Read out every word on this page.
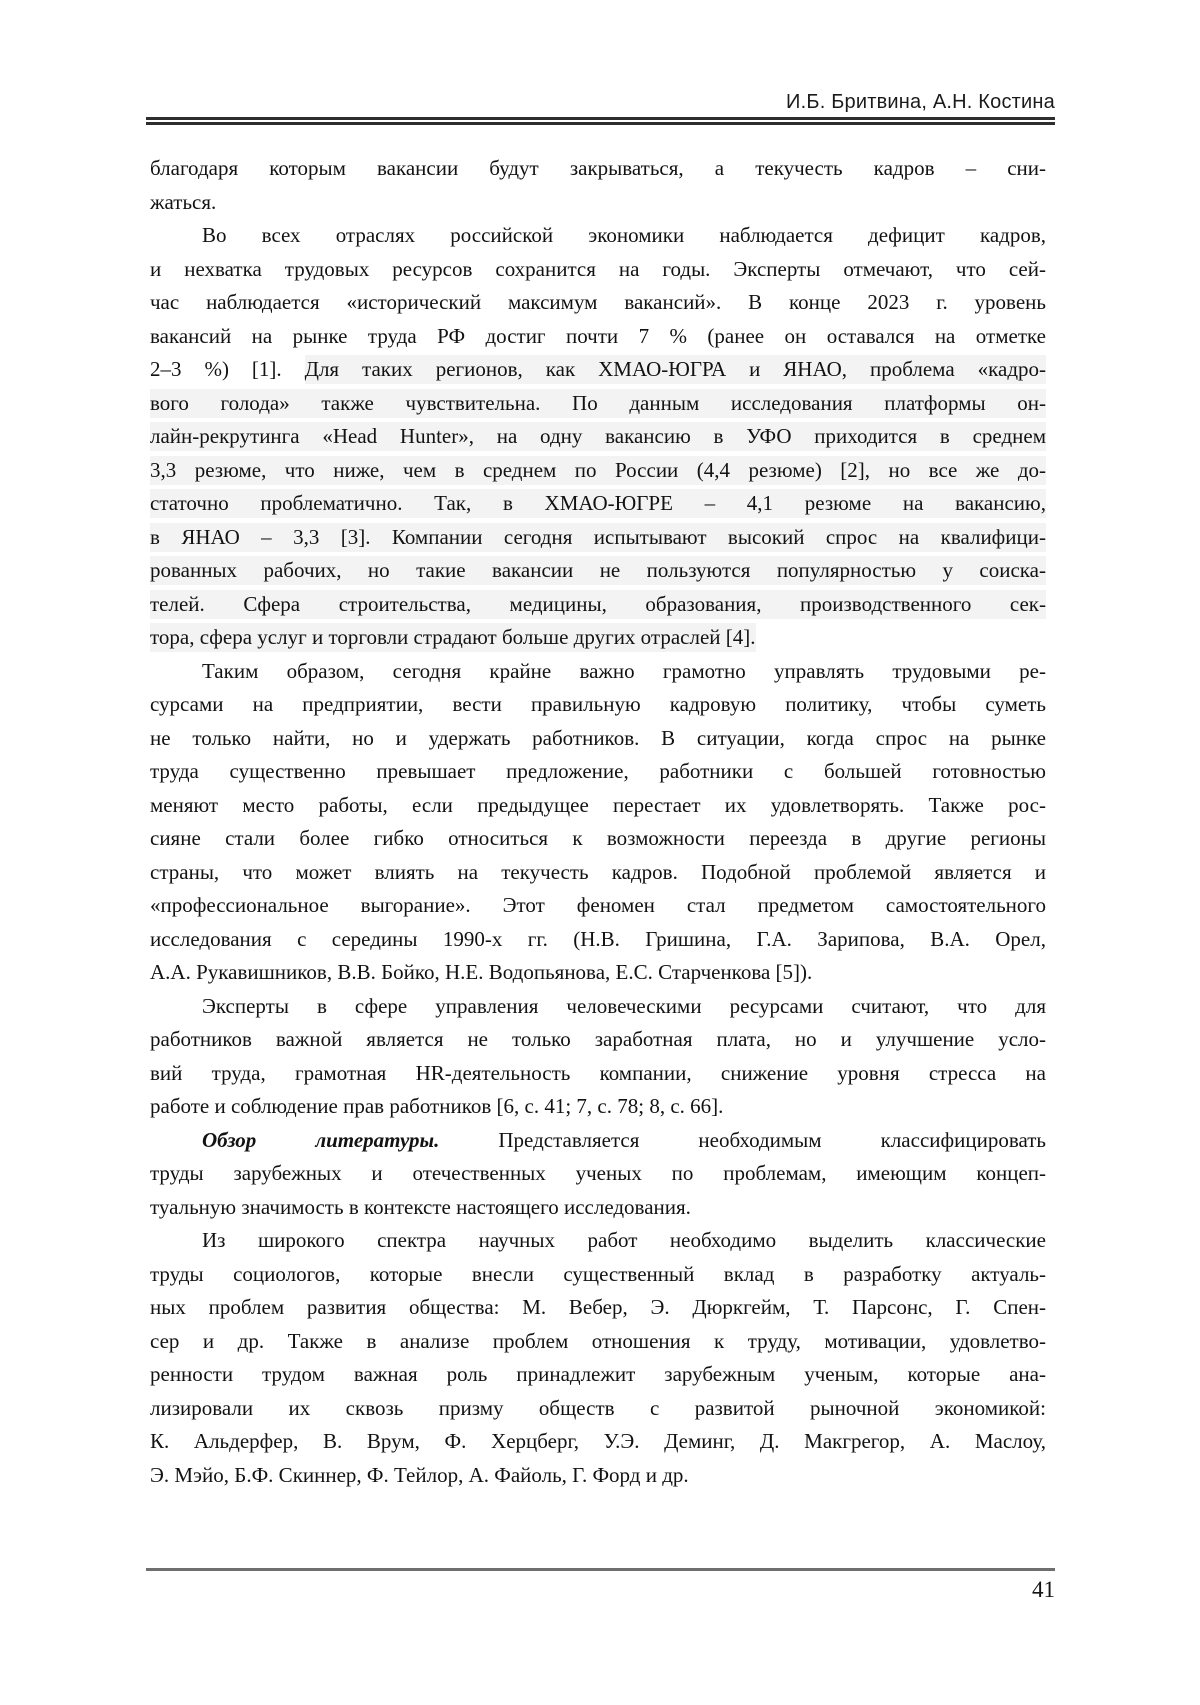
И.Б. Бритвина, А.Н. Костина
благодаря которым вакансии будут закрываться, а текучесть кадров – сни-
жаться.
Во всех отраслях российской экономики наблюдается дефицит кадров,
и нехватка трудовых ресурсов сохранится на годы. Эксперты отмечают, что сей-
час наблюдается «исторический максимум вакансий». В конце 2023 г. уровень
вакансий на рынке труда РФ достиг почти 7 % (ранее он оставался на отметке
2–3 %) [1]. Для таких регионов, как ХМАО-ЮГРА и ЯНАО, проблема «кадро-
вого голода» также чувствительна. По данным исследования платформы он-
лайн-рекрутинга «Head Hunter», на одну вакансию в УФО приходится в среднем
3,3 резюме, что ниже, чем в среднем по России (4,4 резюме) [2], но все же до-
статочно проблематично. Так, в ХМАО-ЮГРЕ – 4,1 резюме на вакансию,
в ЯНАО – 3,3 [3]. Компании сегодня испытывают высокий спрос на квалифици-
рованных рабочих, но такие вакансии не пользуются популярностью у соиска-
телей. Сфера строительства, медицины, образования, производственного сек-
тора, сфера услуг и торговли страдают больше других отраслей [4].
Таким образом, сегодня крайне важно грамотно управлять трудовыми ре-
сурсами на предприятии, вести правильную кадровую политику, чтобы суметь
не только найти, но и удержать работников. В ситуации, когда спрос на рынке
труда существенно превышает предложение, работники с большей готовностью
меняют место работы, если предыдущее перестает их удовлетворять. Также рос-
сияне стали более гибко относиться к возможности переезда в другие регионы
страны, что может влиять на текучесть кадров. Подобной проблемой является и
«профессиональное выгорание». Этот феномен стал предметом самостоятельного
исследования с середины 1990-х гг. (Н.В. Гришина, Г.А. Зарипова, В.А. Орел,
А.А. Рукавишников, В.В. Бойко, Н.Е. Водопьянова, Е.С. Старченкова [5]).
Эксперты в сфере управления человеческими ресурсами считают, что для
работников важной является не только заработная плата, но и улучшение усло-
вий труда, грамотная HR-деятельность компании, снижение уровня стресса на
работе и соблюдение прав работников [6, с. 41; 7, с. 78; 8, с. 66].
Обзор литературы. Представляется необходимым классифицировать
труды зарубежных и отечественных ученых по проблемам, имеющим концеп-
туальную значимость в контексте настоящего исследования.
Из широкого спектра научных работ необходимо выделить классические
труды социологов, которые внесли существенный вклад в разработку актуаль-
ных проблем развития общества: М. Вебер, Э. Дюркгейм, Т. Парсонс, Г. Спен-
сер и др. Также в анализе проблем отношения к труду, мотивации, удовлетво-
ренности трудом важная роль принадлежит зарубежным ученым, которые ана-
лизировали их сквозь призму обществ с развитой рыночной экономикой:
К. Альдерфер, В. Врум, Ф. Херцберг, У.Э. Деминг, Д. Макгрегор, А. Маслоу,
Э. Мэйо, Б.Ф. Скиннер, Ф. Тейлор, А. Файоль, Г. Форд и др.
41
